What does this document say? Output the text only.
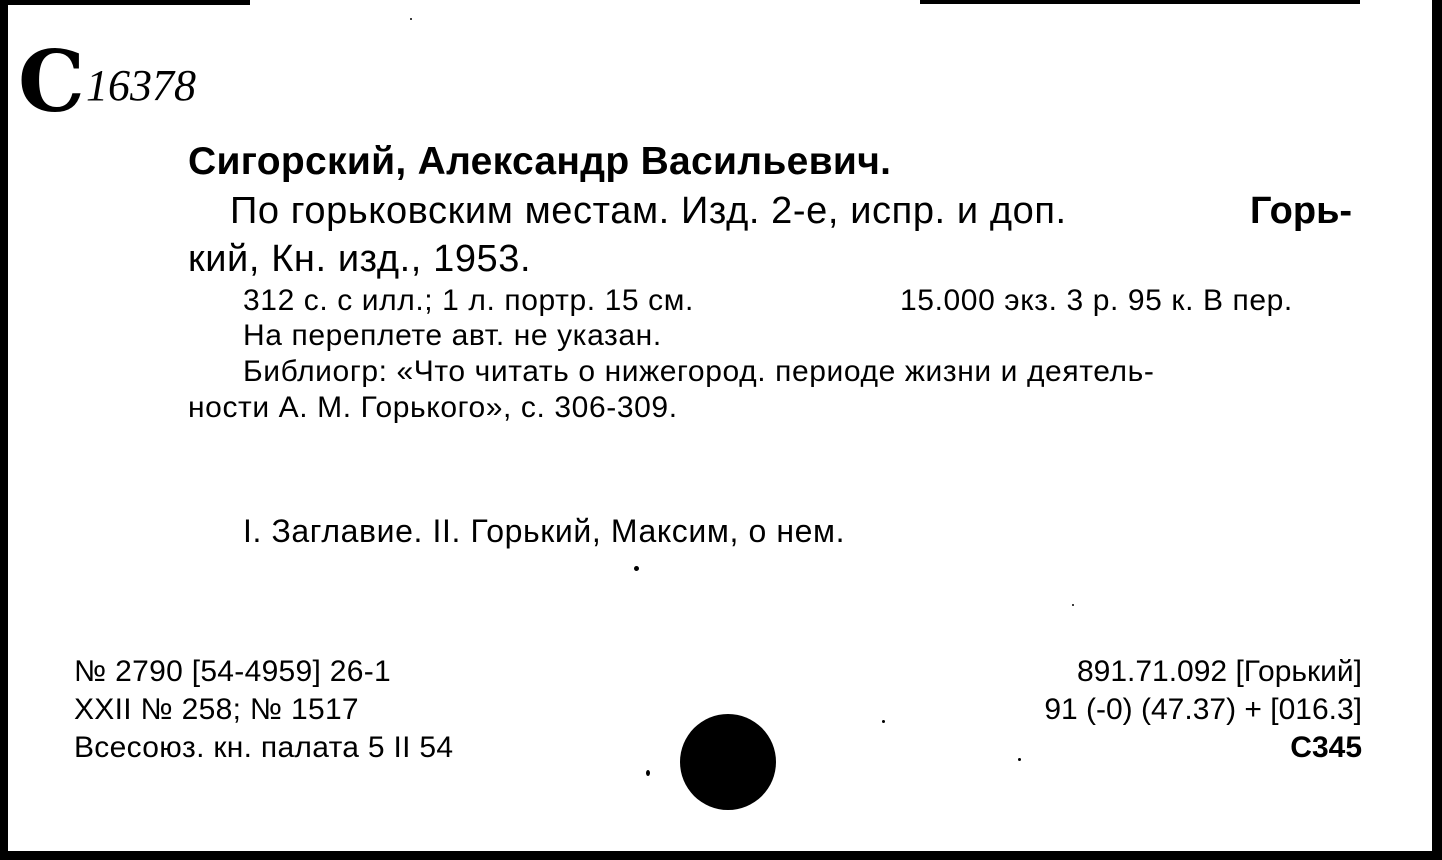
С 16378
Сигорский, Александр Васильевич.
По горьковским местам. Изд. 2-е, испр. и доп.	Горь-
кий, Кн. изд., 1953.
312 с. с илл.; 1 л. портр. 15 см.	15.000 экз. 3 р. 95 к. В пер.
На переплете авт. не указан.
Библиогр: «Что читать о нижегород. периоде жизни и деятель-
ности А. М. Горького», с. 306-309.
I. Заглавие. II. Горький, Максим, о нем.
№ 2790 [54-4959] 26-1
XXII № 258; № 1517
Всесоюз. кн. палата 5 II 54
891.71.092 [Горький]
91 (-0) (47.37) + [016.3]
С345
